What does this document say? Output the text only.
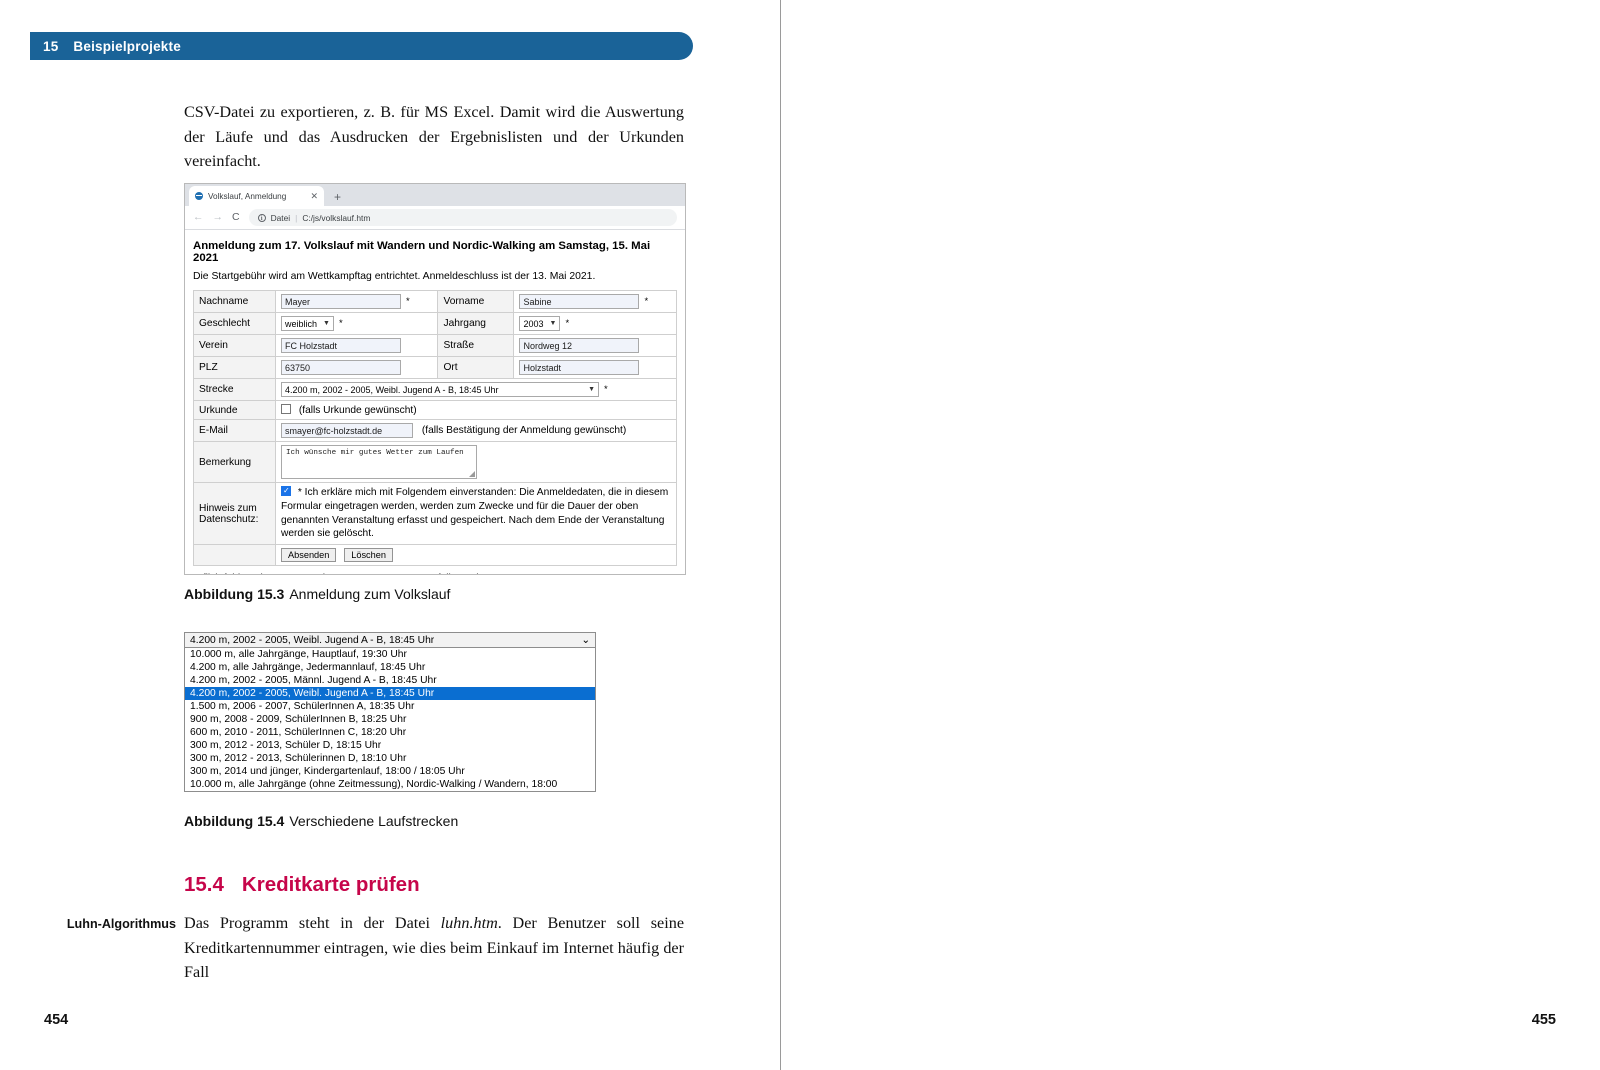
15 Beispielprojekte

CSV-Datei zu exportieren, z. B. für MS Excel. Damit wird die Auswertung der Läufe und das Ausdrucken der Ergebnislisten und der Urkunden vereinfacht.

Volkslauf, Anmeldung	✕ +
← → C	i Datei | C:/js/volkslauf.htm
Anmeldung zum 17. Volkslauf mit Wandern und Nordic-Walking am Samstag, 15. Mai 2021
Die Startgebühr wird am Wettkampftag entrichtet. Anmeldeschluss ist der 13. Mai 2021.
Nachname	Mayer *	Vorname	Sabine *
Geschlecht	weiblich ▼ *	Jahrgang	2003 ▼ *
Verein	FC Holzstadt	Straße	Nordweg 12
PLZ	63750	Ort	Holzstadt
Strecke	4.200 m, 2002 - 2005, Weibl. Jugend A - B, 18:45 Uhr ▼ *		
Urkunde	(falls Urkunde gewünscht)		
E-Mail	smayer@fc-holzstadt.de (falls Bestätigung der Anmeldung gewünscht)		
Bemerkung	Ich wünsche mir gutes Wetter zum Laufen		

Hinweis zum Datenschutz:	✓ * Ich erkläre mich mit Folgendem einverstanden: Die Anmeldedaten, die in diesem Formular eingetragen werden, werden zum Zwecke und für die Dauer der oben genannten Veranstaltung erfasst und gespeichert. Nach dem Ende der Veranstaltung werden sie gelöscht.
	Absenden Löschen		
Abbildung 15.3 Anmeldung zum Volkslauf
4.200 m, 2002 - 2005, Weibl. Jugend A - B, 18:45 Uhr	⌄
10.000 m, alle Jahrgänge, Hauptlauf, 19:30 Uhr
4.200 m, alle Jahrgänge, Jedermannlauf, 18:45 Uhr
4.200 m, 2002 - 2005, Männl. Jugend A - B, 18:45 Uhr
4.200 m, 2002 - 2005, Weibl. Jugend A - B, 18:45 Uhr
1.500 m, 2006 - 2007, SchülerInnen A, 18:35 Uhr
900 m, 2008 - 2009, SchülerInnen B, 18:25 Uhr
600 m, 2010 - 2011, SchülerInnen C, 18:20 Uhr
300 m, 2012 - 2013, Schüler D, 18:15 Uhr
300 m, 2012 - 2013, Schülerinnen D, 18:10 Uhr
300 m, 2014 und jünger, Kindergartenlauf, 18:00 / 18:05 Uhr
10.000 m, alle Jahrgänge (ohne Zeitmessung), Nordic-Walking / Wandern, 18:00
Abbildung 15.4 Verschiedene Laufstrecken
15.4 Kreditkarte prüfen
Luhn-Algorithmus Das Programm steht in der Datei luhn.htm. Der Benutzer soll seine Kreditkartennummer eintragen, wie dies beim Einkauf im Internet häufig der Fall

454	455
